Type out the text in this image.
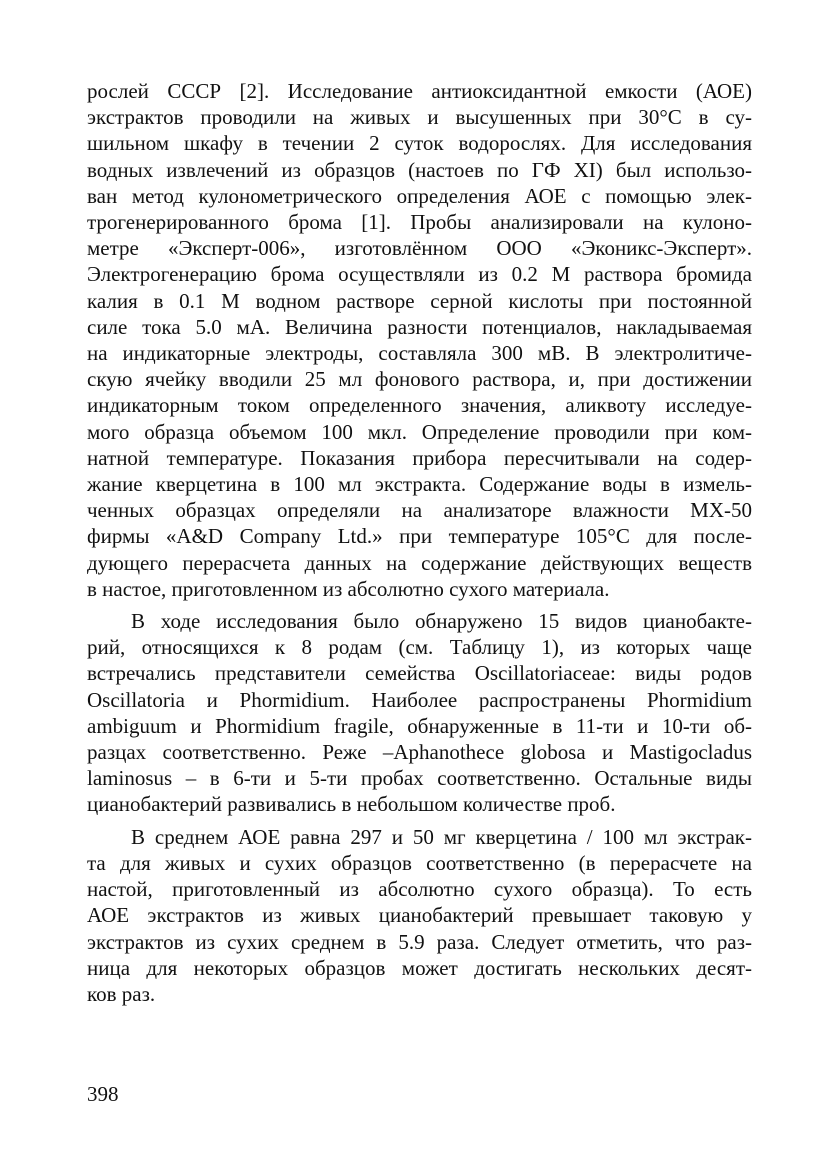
рослей СССР [2]. Исследование антиоксидантной емкости (АОЕ)
экстрактов проводили на живых и высушенных при 30°С в су-
шильном шкафу в течении 2 суток водорослях. Для исследования
водных извлечений из образцов (настоев по ГФ XI) был использо-
ван метод кулонометрического определения АОЕ с помощью элек-
трогенерированного брома [1]. Пробы анализировали на кулоно-
метре «Эксперт-006», изготовлённом ООО «Эконикс-Эксперт».
Электрогенерацию брома осуществляли из 0.2 М раствора бромида
калия в 0.1 М водном растворе серной кислоты при постоянной
силе тока 5.0 мА. Величина разности потенциалов, накладываемая
на индикаторные электроды, составляла 300 мВ. В электролитиче-
скую ячейку вводили 25 мл фонового раствора, и, при достижении
индикаторным током определенного значения, аликвоту исследуе-
мого образца объемом 100 мкл. Определение проводили при ком-
натной температуре. Показания прибора пересчитывали на содер-
жание кверцетина в 100 мл экстракта. Содержание воды в измель-
ченных образцах определяли на анализаторе влажности МХ-50
фирмы «A&D Company Ltd.» при температуре 105°С для после-
дующего перерасчета данных на содержание действующих веществ
в настое, приготовленном из абсолютно сухого материала.
В ходе исследования было обнаружено 15 видов цианобакте-
рий, относящихся к 8 родам (см. Таблицу 1), из которых чаще
встречались представители семейства Oscillatoriaceae: виды родов
Oscillatoria и Phormidium. Наиболее распространены Phormidium
ambiguum и Phormidium fragile, обнаруженные в 11-ти и 10-ти об-
разцах соответственно. Реже –Aphanothece globosa и Mastigocladus
laminosus – в 6-ти и 5-ти пробах соответственно. Остальные виды
цианобактерий развивались в небольшом количестве проб.
В среднем АОЕ равна 297 и 50 мг кверцетина / 100 мл экстрак-
та для живых и сухих образцов соответственно (в перерасчете на
настой, приготовленный из абсолютно сухого образца). То есть
АОЕ экстрактов из живых цианобактерий превышает таковую у
экстрактов из сухих среднем в 5.9 раза. Следует отметить, что раз-
ница для некоторых образцов может достигать нескольких десят-
ков раз.
398
